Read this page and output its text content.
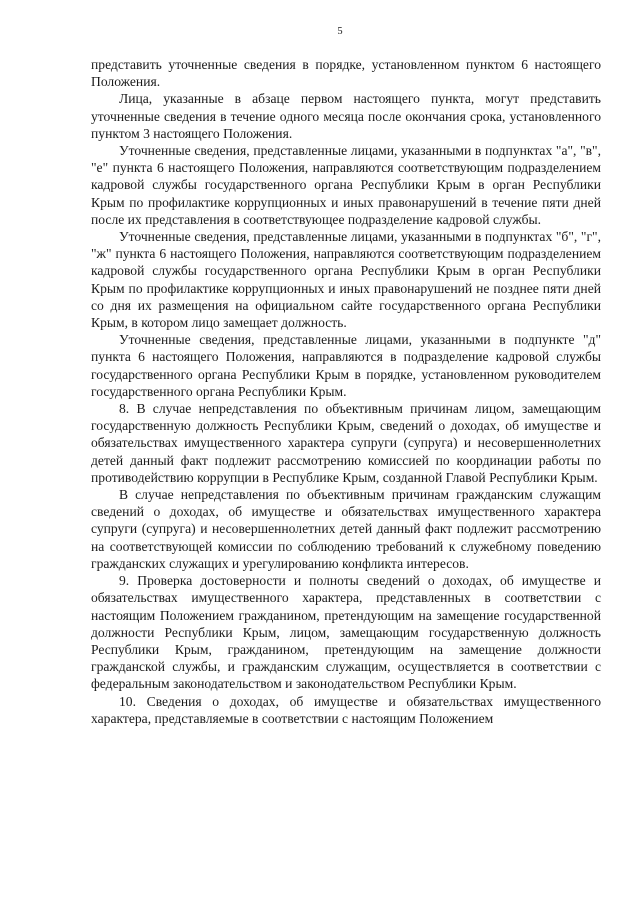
5

представить уточненные сведения в порядке, установленном пунктом 6 настоящего Положения.

Лица, указанные в абзаце первом настоящего пункта, могут представить уточненные сведения в течение одного месяца после окончания срока, установленного пунктом 3 настоящего Положения.

Уточненные сведения, представленные лицами, указанными в подпунктах "а", "в", "е" пункта 6 настоящего Положения, направляются соответствующим подразделением кадровой службы государственного органа Республики Крым в орган Республики Крым по профилактике коррупционных и иных правонарушений в течение пяти дней после их представления в соответствующее подразделение кадровой службы.

Уточненные сведения, представленные лицами, указанными в подпунктах "б", "г", "ж" пункта 6 настоящего Положения, направляются соответствующим подразделением кадровой службы государственного органа Республики Крым в орган Республики Крым по профилактике коррупционных и иных правонарушений не позднее пяти дней со дня их размещения на официальном сайте государственного органа Республики Крым, в котором лицо замещает должность.

Уточненные сведения, представленные лицами, указанными в подпункте "д" пункта 6 настоящего Положения, направляются в подразделение кадровой службы государственного органа Республики Крым в порядке, установленном руководителем государственного органа Республики Крым.

8. В случае непредставления по объективным причинам лицом, замещающим государственную должность Республики Крым, сведений о доходах, об имуществе и обязательствах имущественного характера супруги (супруга) и несовершеннолетних детей данный факт подлежит рассмотрению комиссией по координации работы по противодействию коррупции в Республике Крым, созданной Главой Республики Крым.

В случае непредставления по объективным причинам гражданским служащим сведений о доходах, об имуществе и обязательствах имущественного характера супруги (супруга) и несовершеннолетних детей данный факт подлежит рассмотрению на соответствующей комиссии по соблюдению требований к служебному поведению гражданских служащих и урегулированию конфликта интересов.

9. Проверка достоверности и полноты сведений о доходах, об имуществе и обязательствах имущественного характера, представленных в соответствии с настоящим Положением гражданином, претендующим на замещение государственной должности Республики Крым, лицом, замещающим государственную должность Республики Крым, гражданином, претендующим на замещение должности гражданской службы, и гражданским служащим, осуществляется в соответствии с федеральным законодательством и законодательством Республики Крым.

10. Сведения о доходах, об имуществе и обязательствах имущественного характера, представляемые в соответствии с настоящим Положением
